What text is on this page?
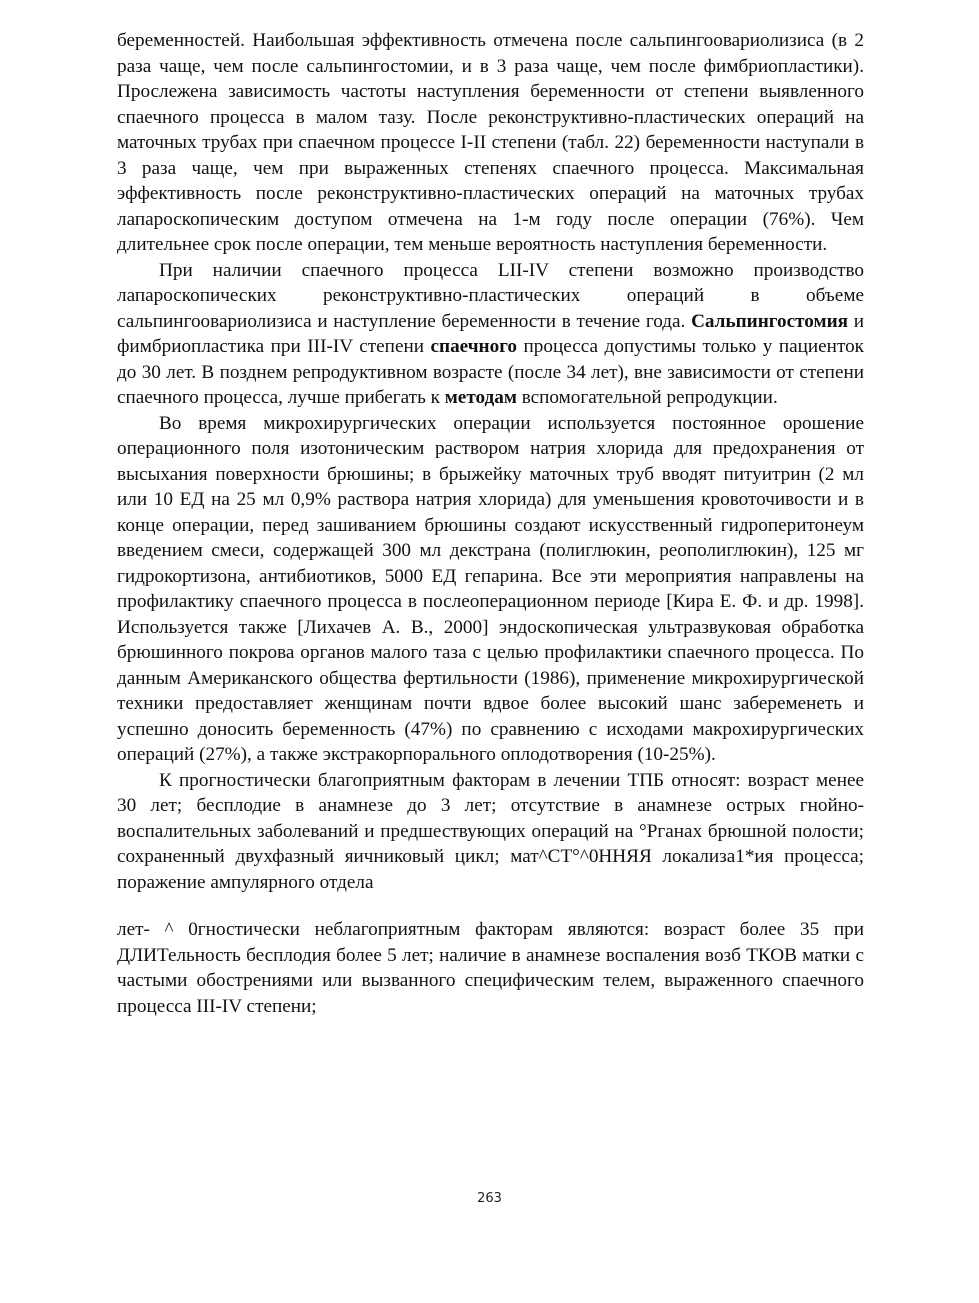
беременностей. Наибольшая эффективность отмечена после сальпингоовариолизиса (в 2 раза чаще, чем после сальпингостомии, и в 3 раза чаще, чем после фимбриопластики). Прослежена зависимость частоты наступления беременности от степени выявленного спаечного процесса в малом тазу. После реконструктивно-пластических операций на маточных трубах при спаечном процессе I-II степени (табл. 22) беременности наступали в 3 раза чаще, чем при выраженных степенях спаечного процесса. Максимальная эффективность после реконструктивно-пластических операций на маточных трубах лапароскопическим доступом отмечена на 1-м году после операции (76%). Чем длительнее срок после операции, тем меньше вероятность наступления беременности.

При наличии спаечного процесса LII-IV степени возможно производство лапароскопических реконструктивно-пластических операций в объеме сальпингоовариолизиса и наступление беременности в течение года. Сальпингостомия и фимбриопластика при III-IV степени спаечного процесса допустимы только у пациенток до 30 лет. В позднем репродуктивном возрасте (после 34 лет), вне зависимости от степени спаечного процесса, лучше прибегать к методам вспомогательной репродукции.

Во время микрохирургических операции используется постоянное орошение операционного поля изотоническим раствором натрия хлорида для предохранения от высыхания поверхности брюшины; в брыжейку маточных труб вводят питуитрин (2 мл или 10 ЕД на 25 мл 0,9% раствора натрия хлорида) для уменьшения кровоточивости и в конце операции, перед зашиванием брюшины создают искусственный гидроперитонеум введением смеси, содержащей 300 мл декстрана (полиглюкин, реополиглюкин), 125 мг гидрокортизона, антибиотиков, 5000 ЕД гепарина. Все эти мероприятия направлены на профилактику спаечного процесса в послеоперационном периоде [Кира Е. Ф. и др. 1998]. Используется также [Лихачев А. В., 2000] эндоскопическая ультразвуковая обработка брюшинного покрова органов малого таза с целью профилактики спаечного процесса. По данным Американского общества фертильности (1986), применение микрохирургической техники предоставляет женщинам почти вдвое более высокий шанс забеременеть и успешно доносить беременность (47%) по сравнению с исходами макрохирургических операций (27%), а также экстракорпорального оплодотворения (10-25%).

К прогностически благоприятным факторам в лечении ТПБ относят: возраст менее 30 лет; бесплодие в анамнезе до 3 лет; отсутствие в анамнезе острых гнойно-воспалительных заболеваний и предшествующих операций на °Рганах брюшной полости; сохраненный двухфазный яичниковый цикл; мат^СТ°^0ННЯЯ локализа1*ия процесса; поражение ампулярного отдела

лет- ^ 0гностически неблагоприятным факторам являются: возраст более 35 при ДЛИТельность бесплодия более 5 лет; наличие в анамнезе воспаления возб ТКОВ матки с частыми обострениями или вызванного специфическим телем, выраженного спаечного процесса III-IV степени;

263
